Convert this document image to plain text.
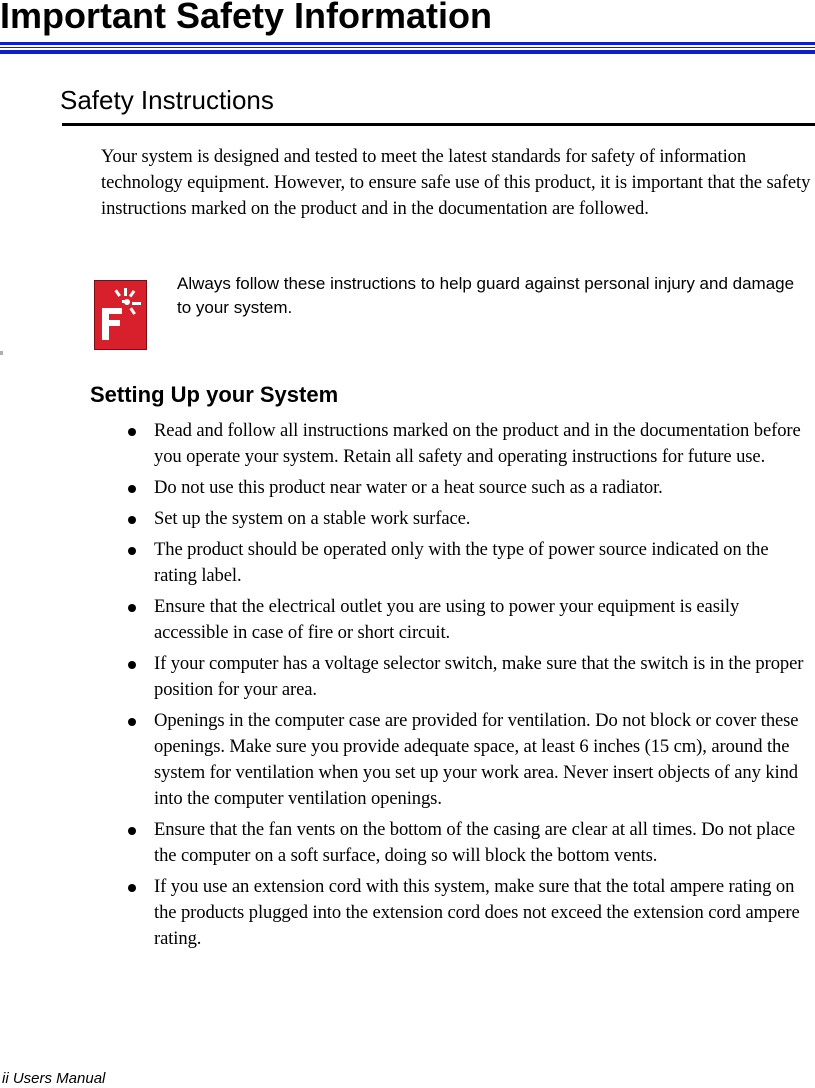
Important Safety Information
Safety Instructions

Your system is designed and tested to meet the latest standards for safety of information technology equipment. However, to ensure safe use of this product, it is important that the safety instructions marked on the product and in the documentation are followed.

Always follow these instructions to help guard against personal injury and damage to your system.

Setting Up your System
Read and follow all instructions marked on the product and in the documentation before you operate your system. Retain all safety and operating instructions for future use.
Do not use this product near water or a heat source such as a radiator.
Set up the system on a stable work surface.
The product should be operated only with the type of power source indicated on the rating label.
Ensure that the electrical outlet you are using to power your equipment is easily accessible in case of fire or short circuit.
If your computer has a voltage selector switch, make sure that the switch is in the proper position for your area.
Openings in the computer case are provided for ventilation. Do not block or cover these openings. Make sure you provide adequate space, at least 6 inches (15 cm), around the system for ventilation when you set up your work area. Never insert objects of any kind into the computer ventilation openings.
Ensure that the fan vents on the bottom of the casing are clear at all times. Do not place the computer on a soft surface, doing so will block the bottom vents.
If you use an extension cord with this system, make sure that the total ampere rating on the products plugged into the extension cord does not exceed the extension cord ampere rating.

ii Users Manual
